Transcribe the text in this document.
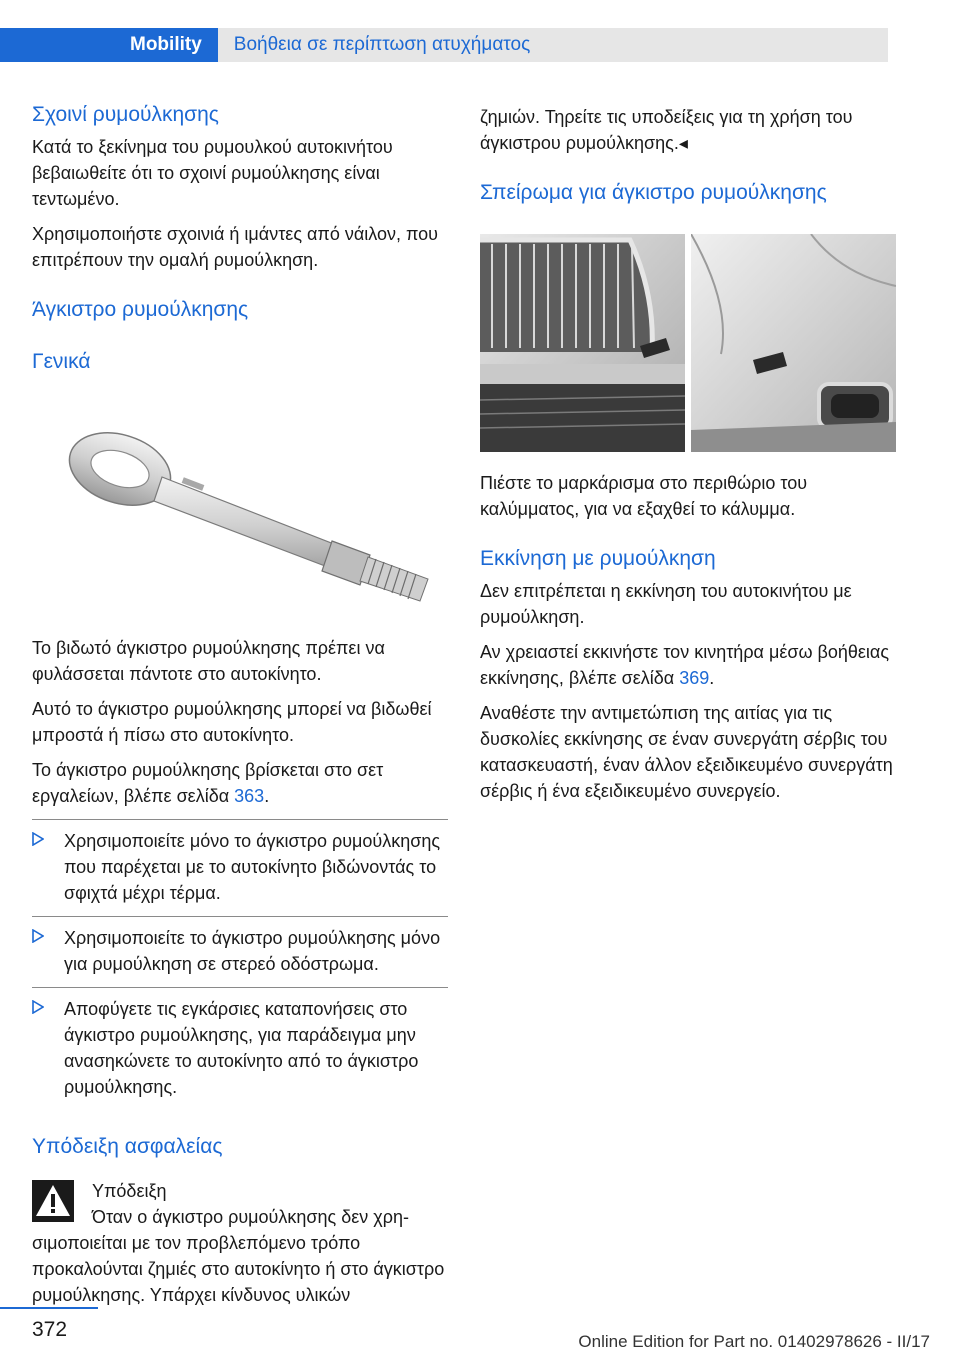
Mobility	Βοήθεια σε περίπτωση ατυχήματος
Σχοινί ρυμούλκησης

Κατά το ξεκίνημα του ρυμουλκού αυτοκινήτου βεβαιωθείτε ότι το σχοινί ρυμούλκησης είναι τεντωμένο.

Χρησιμοποιήστε σχοινιά ή ιμάντες από νάιλον, που επιτρέπουν την ομαλή ρυμούλκηση.

Άγκιστρο ρυμούλκησης
Γενικά

Το βιδωτό άγκιστρο ρυμούλκησης πρέπει να φυλάσσεται πάντοτε στο αυτοκίνητο.

Αυτό το άγκιστρο ρυμούλκησης μπορεί να βιδωθεί μπροστά ή πίσω στο αυτοκίνητο.

Το άγκιστρο ρυμούλκησης βρίσκεται στο σετ εργαλείων, βλέπε σελίδα 363.

Χρησιμοποιείτε μόνο το άγκιστρο ρυμούλκησης που παρέχεται με το αυτοκίνητο βιδώνοντάς το σφιχτά μέχρι τέρμα.
Χρησιμοποιείτε το άγκιστρο ρυμούλκησης μόνο για ρυμούλκηση σε στερεό οδόστρωμα.
Αποφύγετε τις εγκάρσιες καταπονήσεις στο άγκιστρο ρυμούλκησης, για παράδειγμα μην ανασηκώνετε το αυτοκίνητο από το άγκιστρο ρυμούλκησης.
Υπόδειξη ασφαλείας
Υπόδειξη
Όταν ο άγκιστρο ρυμούλκησης δεν χρη-
σιμοποιείται με τον προβλεπόμενο τρόπο προκαλούνται ζημιές στο αυτοκίνητο ή στο άγκιστρο ρυμούλκησης. Υπάρχει κίνδυνος υλικών

ζημιών. Τηρείτε τις υποδείξεις για τη χρήση του άγκιστρου ρυμούλκησης.◂

Σπείρωμα για άγκιστρο ρυμούλκησης

Πιέστε το μαρκάρισμα στο περιθώριο του καλύμματος, για να εξαχθεί το κάλυμμα.

Εκκίνηση με ρυμούλκηση

Δεν επιτρέπεται η εκκίνηση του αυτοκινήτου με ρυμούλκηση.

Αν χρειαστεί εκκινήστε τον κινητήρα μέσω βοήθειας εκκίνησης, βλέπε σελίδα 369.

Αναθέστε την αντιμετώπιση της αιτίας για τις δυσκολίες εκκίνησης σε έναν συνεργάτη σέρβις του κατασκευαστή, έναν άλλον εξειδικευμένο συνεργάτη σέρβις ή ένα εξειδικευμένο συνεργείο.

372
Online Edition for Part no. 01402978626 - II/17
